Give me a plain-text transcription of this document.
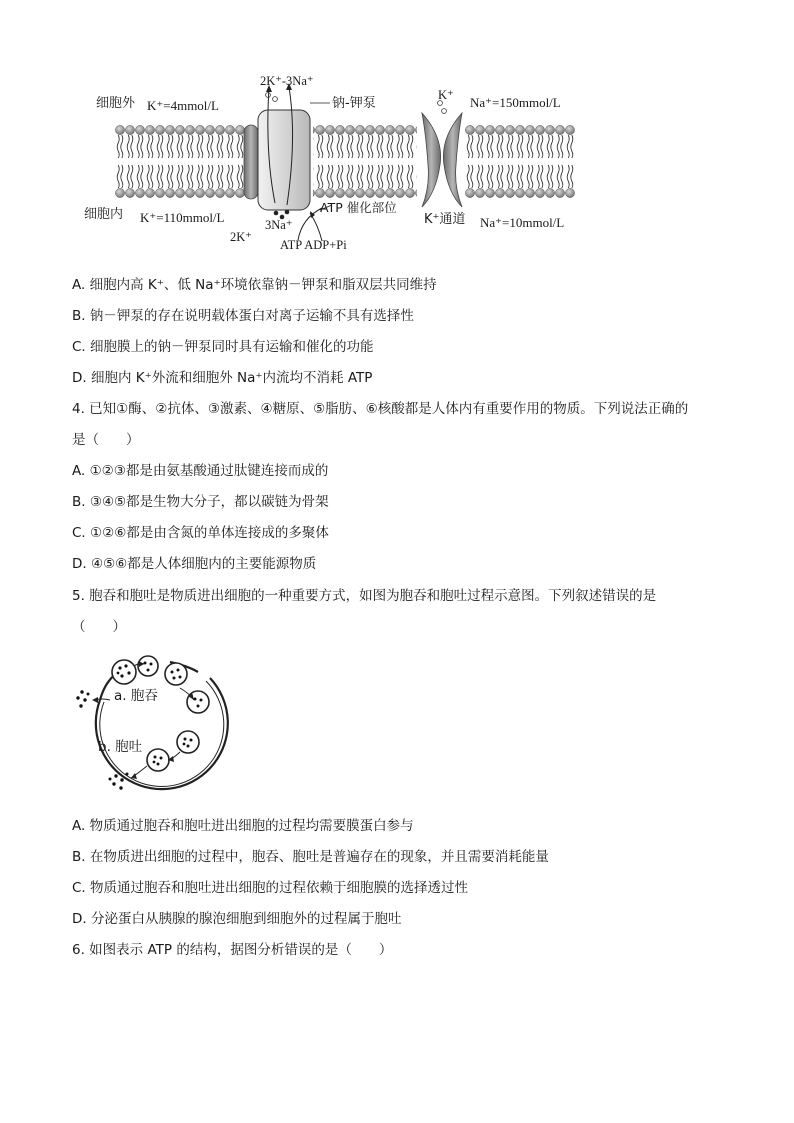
细胞外 K⁺=4mmol/L
细胞内 K⁺=110mmol/L
2K⁺-3Na⁺
钠-钾泵
2K⁺
3Na⁺
ATP 催化部位
ATP ADP+Pi
K⁺ Na⁺=150mmol/L
K⁺通道 Na⁺=10mmol/L
A. 细胞内高 K⁺、低 Na⁺环境依靠钠－钾泵和脂双层共同维持
B. 钠－钾泵的存在说明载体蛋白对离子运输不具有选择性
C. 细胞膜上的钠－钾泵同时具有运输和催化的功能
D. 细胞内 K⁺外流和细胞外 Na⁺内流均不消耗 ATP
4. 已知①酶、②抗体、③激素、④糖原、⑤脂肪、⑥核酸都是人体内有重要作用的物质。下列说法正确的
是（　　）
A. ①②③都是由氨基酸通过肽键连接而成的
B. ③④⑤都是生物大分子，都以碳链为骨架
C. ①②⑥都是由含氮的单体连接成的多聚体
D. ④⑤⑥都是人体细胞内的主要能源物质
5. 胞吞和胞吐是物质进出细胞的一种重要方式，如图为胞吞和胞吐过程示意图。下列叙述错误的是
（　　）
a. 胞吞
b. 胞吐
A. 物质通过胞吞和胞吐进出细胞的过程均需要膜蛋白参与
B. 在物质进出细胞的过程中，胞吞、胞吐是普遍存在的现象，并且需要消耗能量
C. 物质通过胞吞和胞吐进出细胞的过程依赖于细胞膜的选择透过性
D. 分泌蛋白从胰腺的腺泡细胞到细胞外的过程属于胞吐
6. 如图表示 ATP 的结构，据图分析错误的是（　　）
